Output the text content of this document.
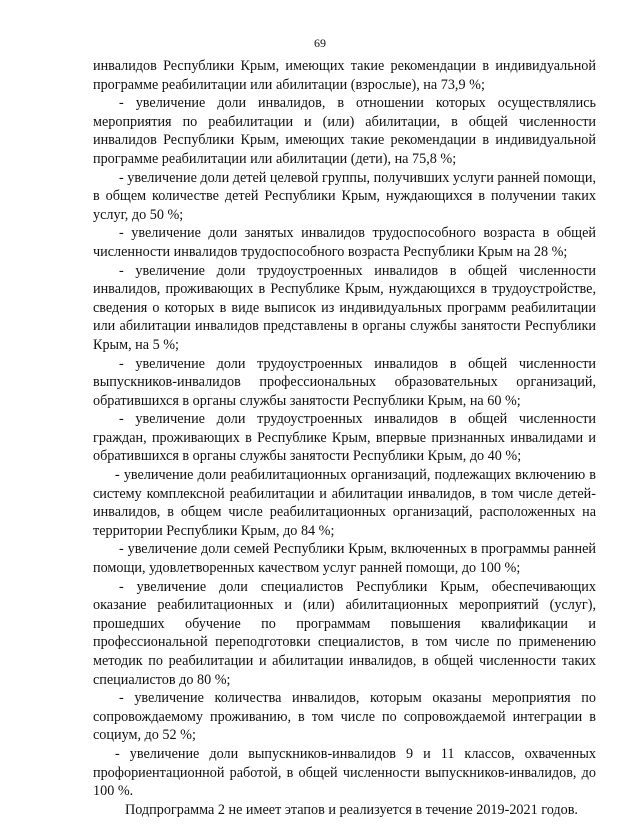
69

инвалидов Республики Крым, имеющих такие рекомендации в индивидуальной программе реабилитации или абилитации (взрослые), на 73,9 %;

- увеличение доли инвалидов, в отношении которых осуществлялись мероприятия по реабилитации и (или) абилитации, в общей численности инвалидов Республики Крым, имеющих такие рекомендации в индивидуальной программе реабилитации или абилитации (дети), на 75,8 %;

- увеличение доли детей целевой группы, получивших услуги ранней помощи, в общем количестве детей Республики Крым, нуждающихся в получении таких услуг, до 50 %;

- увеличение доли занятых инвалидов трудоспособного возраста в общей численности инвалидов трудоспособного возраста Республики Крым на 28 %;

- увеличение доли трудоустроенных инвалидов в общей численности инвалидов, проживающих в Республике Крым, нуждающихся в трудоустройстве, сведения о которых в виде выписок из индивидуальных программ реабилитации или абилитации инвалидов представлены в органы службы занятости Республики Крым, на 5 %;

- увеличение доли трудоустроенных инвалидов в общей численности выпускников-инвалидов профессиональных образовательных организаций, обратившихся в органы службы занятости Республики Крым, на 60 %;

- увеличение доли трудоустроенных инвалидов в общей численности граждан, проживающих в Республике Крым, впервые признанных инвалидами и обратившихся в органы службы занятости Республики Крым, до 40 %;

- увеличение доли реабилитационных организаций, подлежащих включению в систему комплексной реабилитации и абилитации инвалидов, в том числе детей-инвалидов, в общем числе реабилитационных организаций, расположенных на территории Республики Крым, до 84 %;

- увеличение доли семей Республики Крым, включенных в программы ранней помощи, удовлетворенных качеством услуг ранней помощи, до 100 %;

- увеличение доли специалистов Республики Крым, обеспечивающих оказание реабилитационных и (или) абилитационных мероприятий (услуг), прошедших обучение по программам повышения квалификации и профессиональной переподготовки специалистов, в том числе по применению методик по реабилитации и абилитации инвалидов, в общей численности таких специалистов до 80 %;

- увеличение количества инвалидов, которым оказаны мероприятия по сопровождаемому проживанию, в том числе по сопровождаемой интеграции в социум, до 52 %;

- увеличение доли выпускников-инвалидов 9 и 11 классов, охваченных профориентационной работой, в общей численности выпускников-инвалидов, до 100 %.

Подпрограмма 2 не имеет этапов и реализуется в течение 2019-2021 годов.
